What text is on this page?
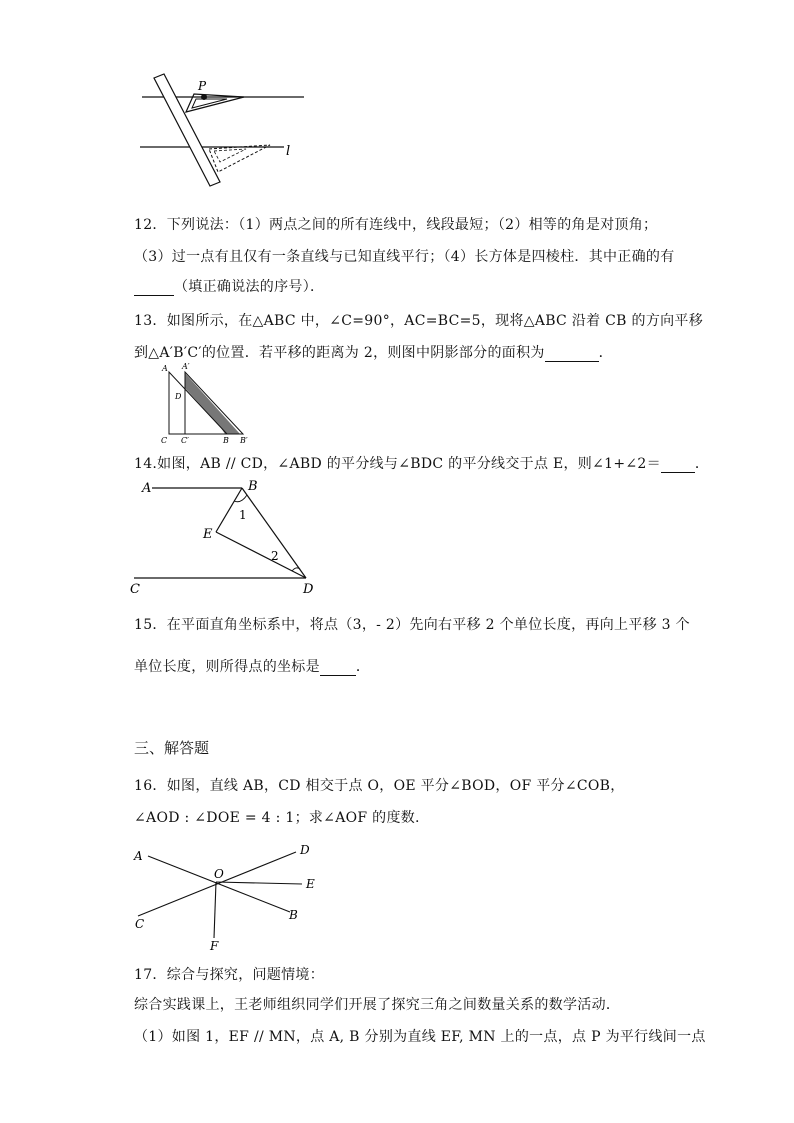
P
l
12．下列说法：（1）两点之间的所有连线中，线段最短；（2）相等的角是对顶角；
（3）过一点有且仅有一条直线与已知直线平行；（4）长方体是四棱柱．其中正确的有
（填正确说法的序号）．
13．如图所示，在△ABC 中，∠C=90°，AC=BC=5，现将△ABC 沿着 CB 的方向平移
到△A′B′C′的位置．若平移的距离为 2，则图中阴影部分的面积为	．
A A′
D
C C′	B B′
14.如图，AB // CD，∠ABD 的平分线与∠BDC 的平分线交于点 E，则∠1+∠2＝ ．
A	B
C	D
E
1
2
15．在平面直角坐标系中，将点（3，- 2）先向右平移 2 个单位长度，再向上平移 3 个
单位长度，则所得点的坐标是	．
三、解答题
16．如图，直线 AB，CD 相交于点 O，OE 平分∠BOD，OF 平分∠COB，
∠AOD : ∠DOE = 4 : 1；求∠AOF 的度数.
A
B
C
D
E
F
O
17．综合与探究，问题情境：
综合实践课上，王老师组织同学们开展了探究三角之间数量关系的数学活动．
（1）如图 1，EF // MN，点 A, B 分别为直线 EF, MN 上的一点，点 P 为平行线间一点
